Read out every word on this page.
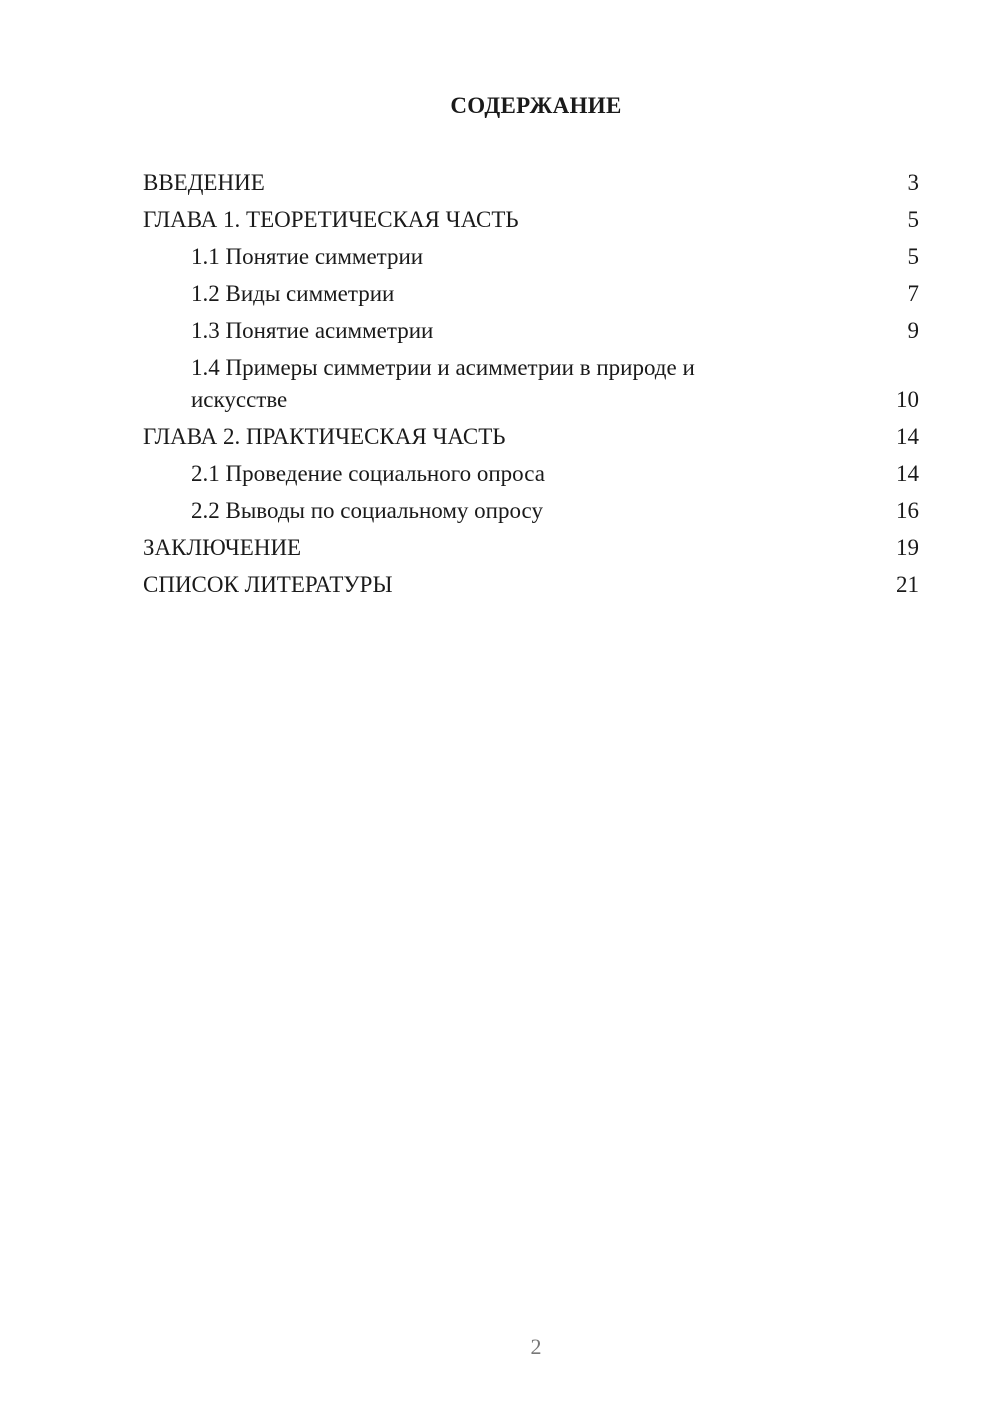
СОДЕРЖАНИЕ
ВВЕДЕНИЕ	3
ГЛАВА 1. ТЕОРЕТИЧЕСКАЯ ЧАСТЬ	5
1.1 Понятие симметрии	5
1.2 Виды симметрии	7
1.3 Понятие асимметрии	9
1.4 Примеры симметрии и асимметрии в природе и искусстве	10
ГЛАВА 2. ПРАКТИЧЕСКАЯ ЧАСТЬ	14
2.1 Проведение социального опроса	14
2.2 Выводы по социальному опросу	16
ЗАКЛЮЧЕНИЕ	19
СПИСОК ЛИТЕРАТУРЫ	21
2
